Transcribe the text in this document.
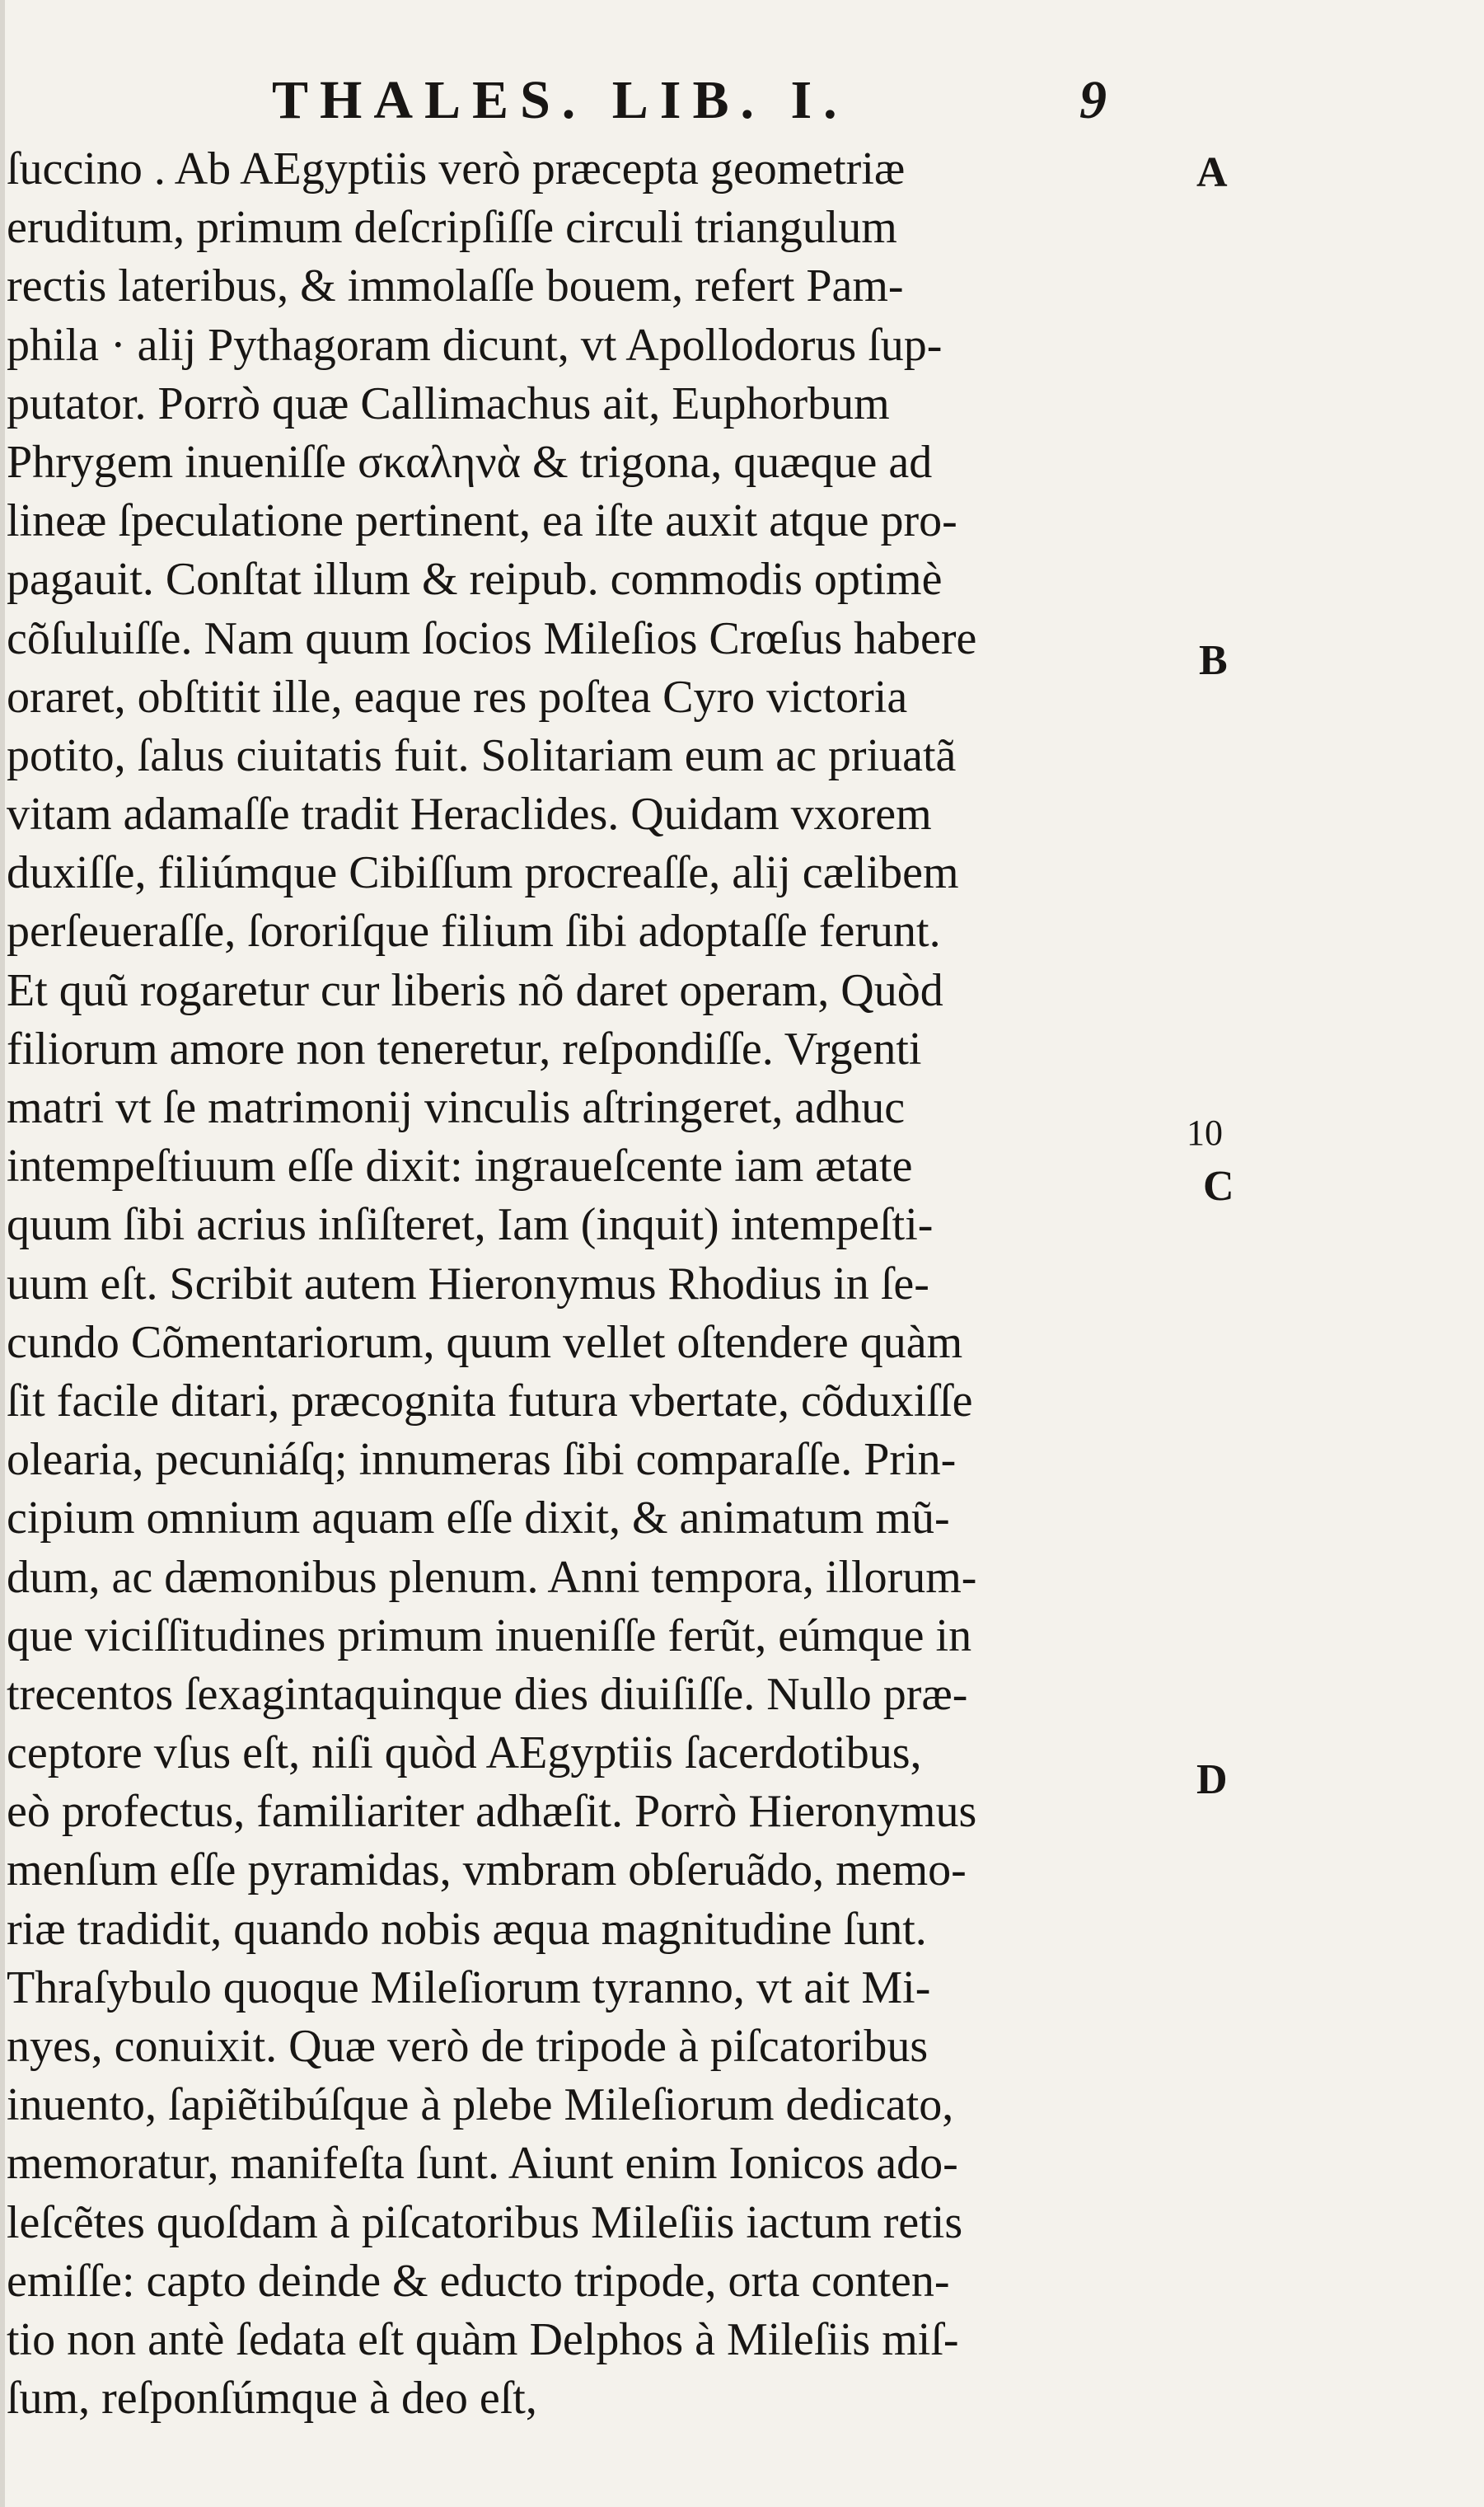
THALES. LIB. I.	9
ſuccino . Ab AEgyptiis verò præcepta geometriæ
eruditum, primum deſcripſiſſe circuli triangulum
rectis lateribus, & immolaſſe bouem, refert Pam-
phila · alij Pythagoram dicunt, vt Apollodorus ſup-
putator. Porrò quæ Callimachus ait, Euphorbum
Phrygem inueniſſe σκαληνὰ & trigona, quæque ad
lineæ ſpeculatione pertinent, ea iſte auxit atque pro-
pagauit. Conſtat illum & reipub. commodis optimè
cõſuluiſſe. Nam quum ſocios Mileſios Crœſus habere
oraret, obſtitit ille, eaque res poſtea Cyro victoria
potito, ſalus ciuitatis fuit. Solitariam eum ac priuatã
vitam adamaſſe tradit Heraclides. Quidam vxorem
duxiſſe, filiúmque Cibiſſum procreaſſe, alij cælibem
perſeueraſſe, ſororiſque filium ſibi adoptaſſe ferunt.
Et quũ rogaretur cur liberis nõ daret operam, Quòd
filiorum amore non teneretur, reſpondiſſe. Vrgenti
matri vt ſe matrimonij vinculis aſtringeret, adhuc
intempeſtiuum eſſe dixit: ingraueſcente iam ætate
quum ſibi acrius inſiſteret, Iam (inquit) intempeſti-
uum eſt. Scribit autem Hieronymus Rhodius in ſe-
cundo Cõmentariorum, quum vellet oſtendere quàm
ſit facile ditari, præcognita futura vbertate, cõduxiſſe
olearia, pecuniáſq; innumeras ſibi comparaſſe. Prin-
cipium omnium aquam eſſe dixit, & animatum mũ-
dum, ac dæmonibus plenum. Anni tempora, illorum-
que viciſſitudines primum inueniſſe ferũt, eúmque in
trecentos ſexagintaquinque dies diuiſiſſe. Nullo præ-
ceptore vſus eſt, niſi quòd AEgyptiis ſacerdotibus,
eò profectus, familiariter adhæſit. Porrò Hieronymus
menſum eſſe pyramidas, vmbram obſeruãdo, memo-
riæ tradidit, quando nobis æqua magnitudine ſunt.
Thraſybulo quoque Mileſiorum tyranno, vt ait Mi-
nyes, conuixit. Quæ verò de tripode à piſcatoribus
inuento, ſapiẽtibúſque à plebe Mileſiorum dedicato,
memoratur, manifeſta ſunt. Aiunt enim Ionicos ado-
leſcẽtes quoſdam à piſcatoribus Mileſiis iactum retis
emiſſe: capto deinde & educto tripode, orta conten-
tio non antè ſedata eſt quàm Delphos à Mileſiis miſ-
ſum, reſponſúmque à deo eſt,
A
B
10
C
D
